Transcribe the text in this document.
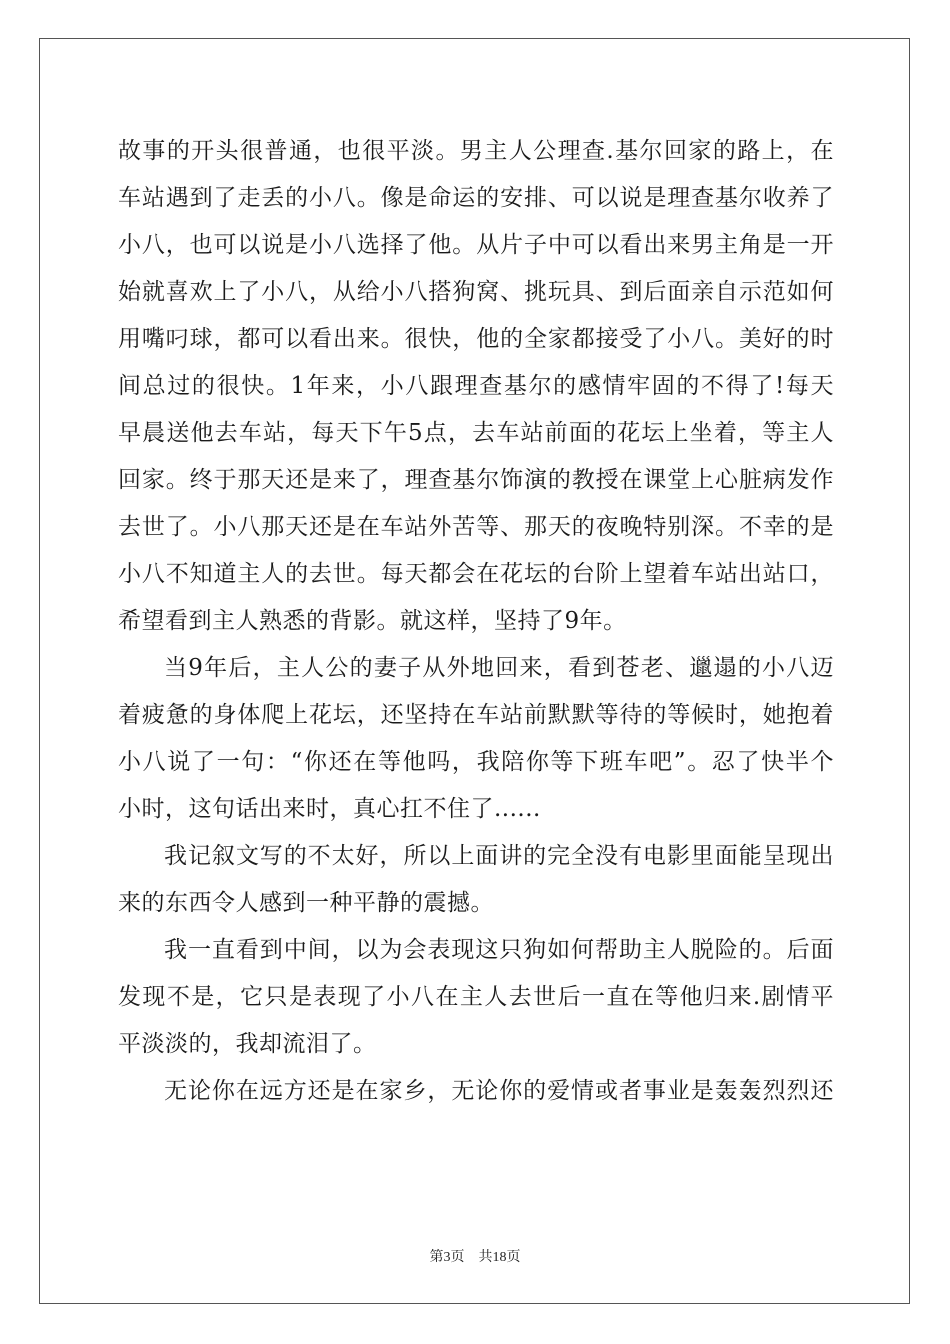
故事的开头很普通，也很平淡。男主人公理查.基尔回家的路上，在
车站遇到了走丢的小八。像是命运的安排、可以说是理查基尔收养了
小八，也可以说是小八选择了他。从片子中可以看出来男主角是一开
始就喜欢上了小八，从给小八搭狗窝、挑玩具、到后面亲自示范如何
用嘴叼球，都可以看出来。很快，他的全家都接受了小八。美好的时
间总过的很快。1年来，小八跟理查基尔的感情牢固的不得了!每天
早晨送他去车站，每天下午5点，去车站前面的花坛上坐着，等主人
回家。终于那天还是来了，理查基尔饰演的教授在课堂上心脏病发作
去世了。小八那天还是在车站外苦等、那天的夜晚特别深。不幸的是
小八不知道主人的去世。每天都会在花坛的台阶上望着车站出站口，
希望看到主人熟悉的背影。就这样，坚持了9年。
当9年后，主人公的妻子从外地回来，看到苍老、邋遢的小八迈
着疲惫的身体爬上花坛，还坚持在车站前默默等待的等候时，她抱着
小八说了一句：“你还在等他吗，我陪你等下班车吧”。忍了快半个
小时，这句话出来时，真心扛不住了......
我记叙文写的不太好，所以上面讲的完全没有电影里面能呈现出
来的东西令人感到一种平静的震撼。
我一直看到中间，以为会表现这只狗如何帮助主人脱险的。后面
发现不是，它只是表现了小八在主人去世后一直在等他归来.剧情平
平淡淡的，我却流泪了。
无论你在远方还是在家乡，无论你的爱情或者事业是轰轰烈烈还
第3页　共18页
